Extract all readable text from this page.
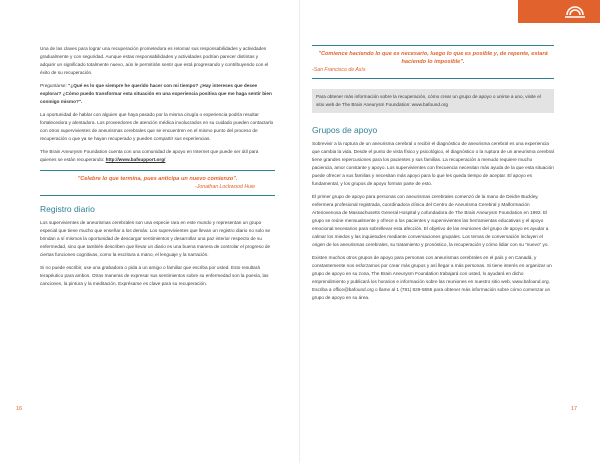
Una de las claves para lograr una recuperación prometedora es retomar sus responsabilidades y actividades gradualmente y con seguridad. Aunque estas responsabilidades y actividades podrían parecer distintas y adquirir un significado totalmente nuevo, aún le permitirán sentir que está progresando y contribuyendo con el éxito de su recuperación.

Preguntarse: "¿Qué es lo que siempre he querido hacer con mi tiempo? ¿Hay intereses que desee explorar? ¿Cómo puedo transformar esta situación en una experiencia positiva que me haga sentir bien conmigo mismo?".

La oportunidad de hablar con alguien que haya pasado por la misma cirugía o experiencia podría resultar fortalecedora y alentadora. Los proveedores de atención médica involucrados en su cuidado pueden contactarlo con otros supervivientes de aneurismas cerebrales que se encuentren en el mismo punto del proceso de recuperación o que ya se hayan recuperado y pueden compartir sus experiencias.

The Brain Aneurysm Foundation cuenta con una comunidad de apoyo en Internet que puede ser útil para quienes se están recuperando: http://www.bafsupport.org/

"Celebre lo que termina, pues anticipa un nuevo comienzo".
-Jonathan Lockwood Huie
Registro diario

Los supervivientes de aneurismas cerebrales son una especie rara en este mundo y representan un grupo especial que tiene mucho que enseñar a los demás. Los supervivientes que llevan un registro diario no solo se brindan a sí mismos la oportunidad de descargar sentimientos y desarrollar una paz interior respecto de su enfermedad, sino que también describen que llevar un diario es una buena manera de controlar el progreso de ciertas funciones cognitivas, como la escritura a mano, el lenguaje y la narración.

Si no puede escribir, use una grabadora o pida a un amigo o familiar que escriba por usted. Esto resultará terapéutico para ambos. Otras maneras de expresar sus sentimientos sobre su enfermedad son la poesía, las canciones, la pintura y la meditación. Exprésarse es clave para su recuperación.

16
"Comience haciendo lo que es necesario, luego lo que es posible y, de repente, estará haciendo lo imposible".
-San Francisco de Asís

Para obtener más información sobre la recuperación, cómo crear un grupo de apoyo o unirse a uno, visite el sitio web de The Brain Aneurysm Foundation: www.bafound.org

Grupos de apoyo

Sobrevivir a la ruptura de un aneurisma cerebral o recibir el diagnóstico de aneurisma cerebral es una experiencia que cambia la vida. Desde el punto de vista físico y psicológico, el diagnóstico o la ruptura de un aneurisma cerebral tiene grandes repercusiones para los pacientes y sus familias. La recuperación a menudo requiere mucho paciencia, amor constante y apoyo. Los supervivientes con frecuencia necesitan más ayuda de la que esta situación puede ofrecer a sus familias y necesitan más apoyo para lo que les queda tiempo de aceptar. El apoyo es fundamental, y los grupos de apoyo forman parte de esto.

El primer grupo de apoyo para personas con aneurismas cerebrales comenzó de la mano de Deidre Buckley, enfermera profesional registrada, coordinadora clínica del Centro de Aneurisma Cerebral y Malformación Arteriovenosa de Massachusetts General Hospital y cofundadora de The Brain Aneurysm Foundation en 1992. El grupo se reúne mensualmente y ofrece a los pacientes y supervivientes las herramientas educativas y el apoyo emocional necesarios para sobrellevar esta afección. El objetivo de las reuniones del grupo de apoyo es ayudar a calmar los miedos y las inquietudes mediante conversaciones grupales. Los temas de conversación incluyen el origen de los aneurismas cerebrales, su tratamiento y pronóstico, la recuperación y cómo lidiar con su "nuevo" yo.

Existen muchos otros grupos de apoyo para personas con aneurismas cerebrales en el país y en Canadá, y constantemente nos esforzamos por crear más grupos y así llegar a más personas. Si tiene interés en organizar un grupo de apoyo en su zona, The Brain Aneurysm Foundation trabajará con usted, lo ayudará en dicho emprendimiento y publicará los horarios e información sobre las reuniones en nuestro sitio web, www.bafound.org. Escriba a office@bafound.org o llame al 1 (781) 826-5556 para obtener más información sobre cómo comenzar un grupo de apoyo en su área.

17
